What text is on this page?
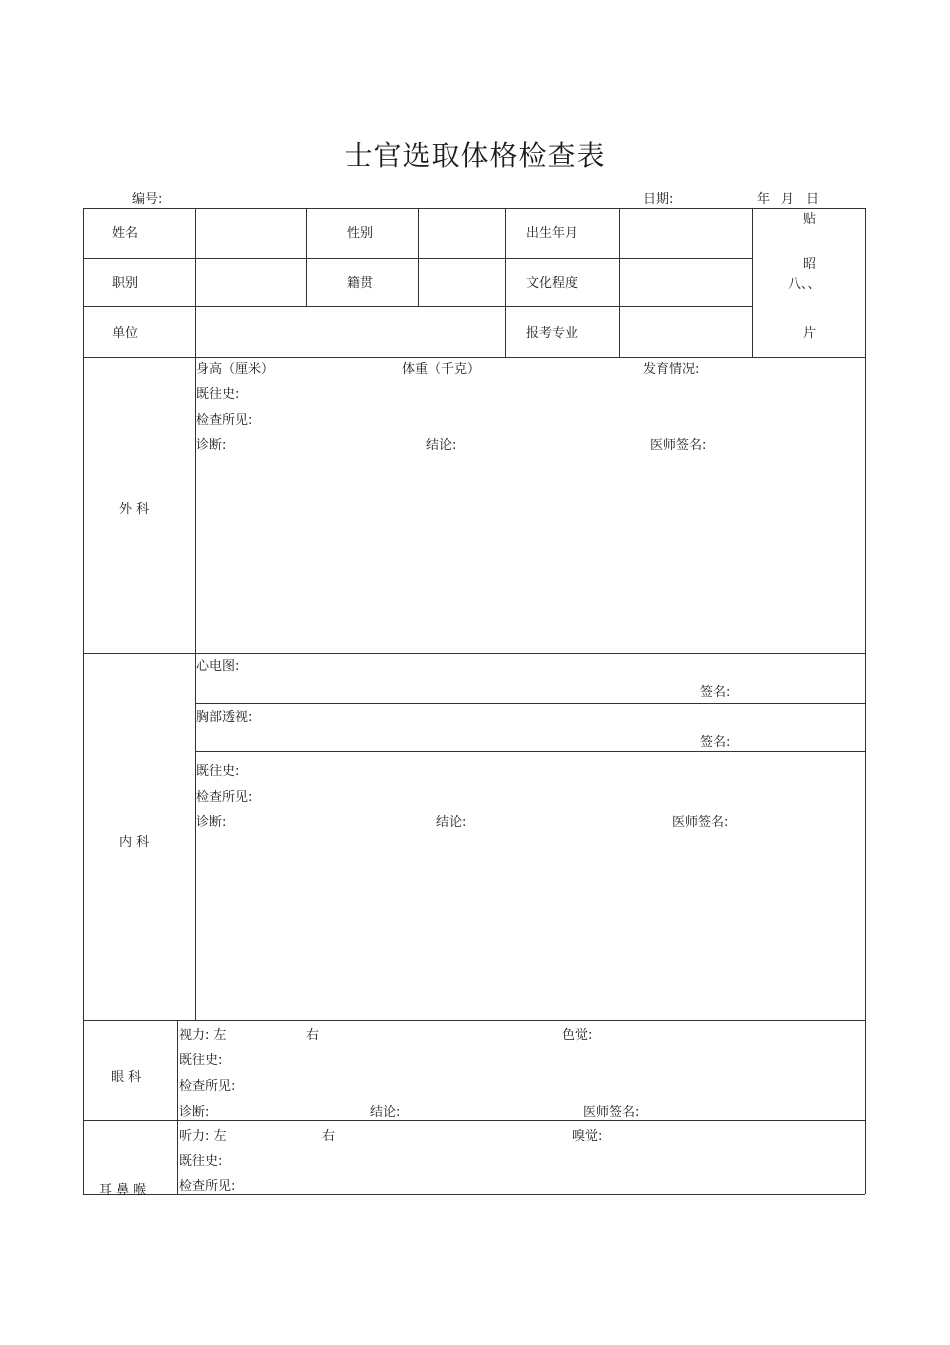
士官选取体格检查表
编号:	日期:	年 月 日
姓名	性别	出生年月
职别	籍贯	文化程度
单位	报考专业
贴
昭
八、、
片
外 科
身高（厘米）	体重（千克）	发育情况:
既往史:
检查所见:
诊断:	结论:	医师签名:
内 科
心电图:
签名:
胸部透视:
签名:
既往史:
检查所见:
诊断:	结论:	医师签名:
眼 科
视力: 左	右	色觉:
既往史:
检查所见:
诊断:	结论:	医师签名:
耳 鼻 喉
听力: 左	右	嗅觉:
既往史:
检查所见:
